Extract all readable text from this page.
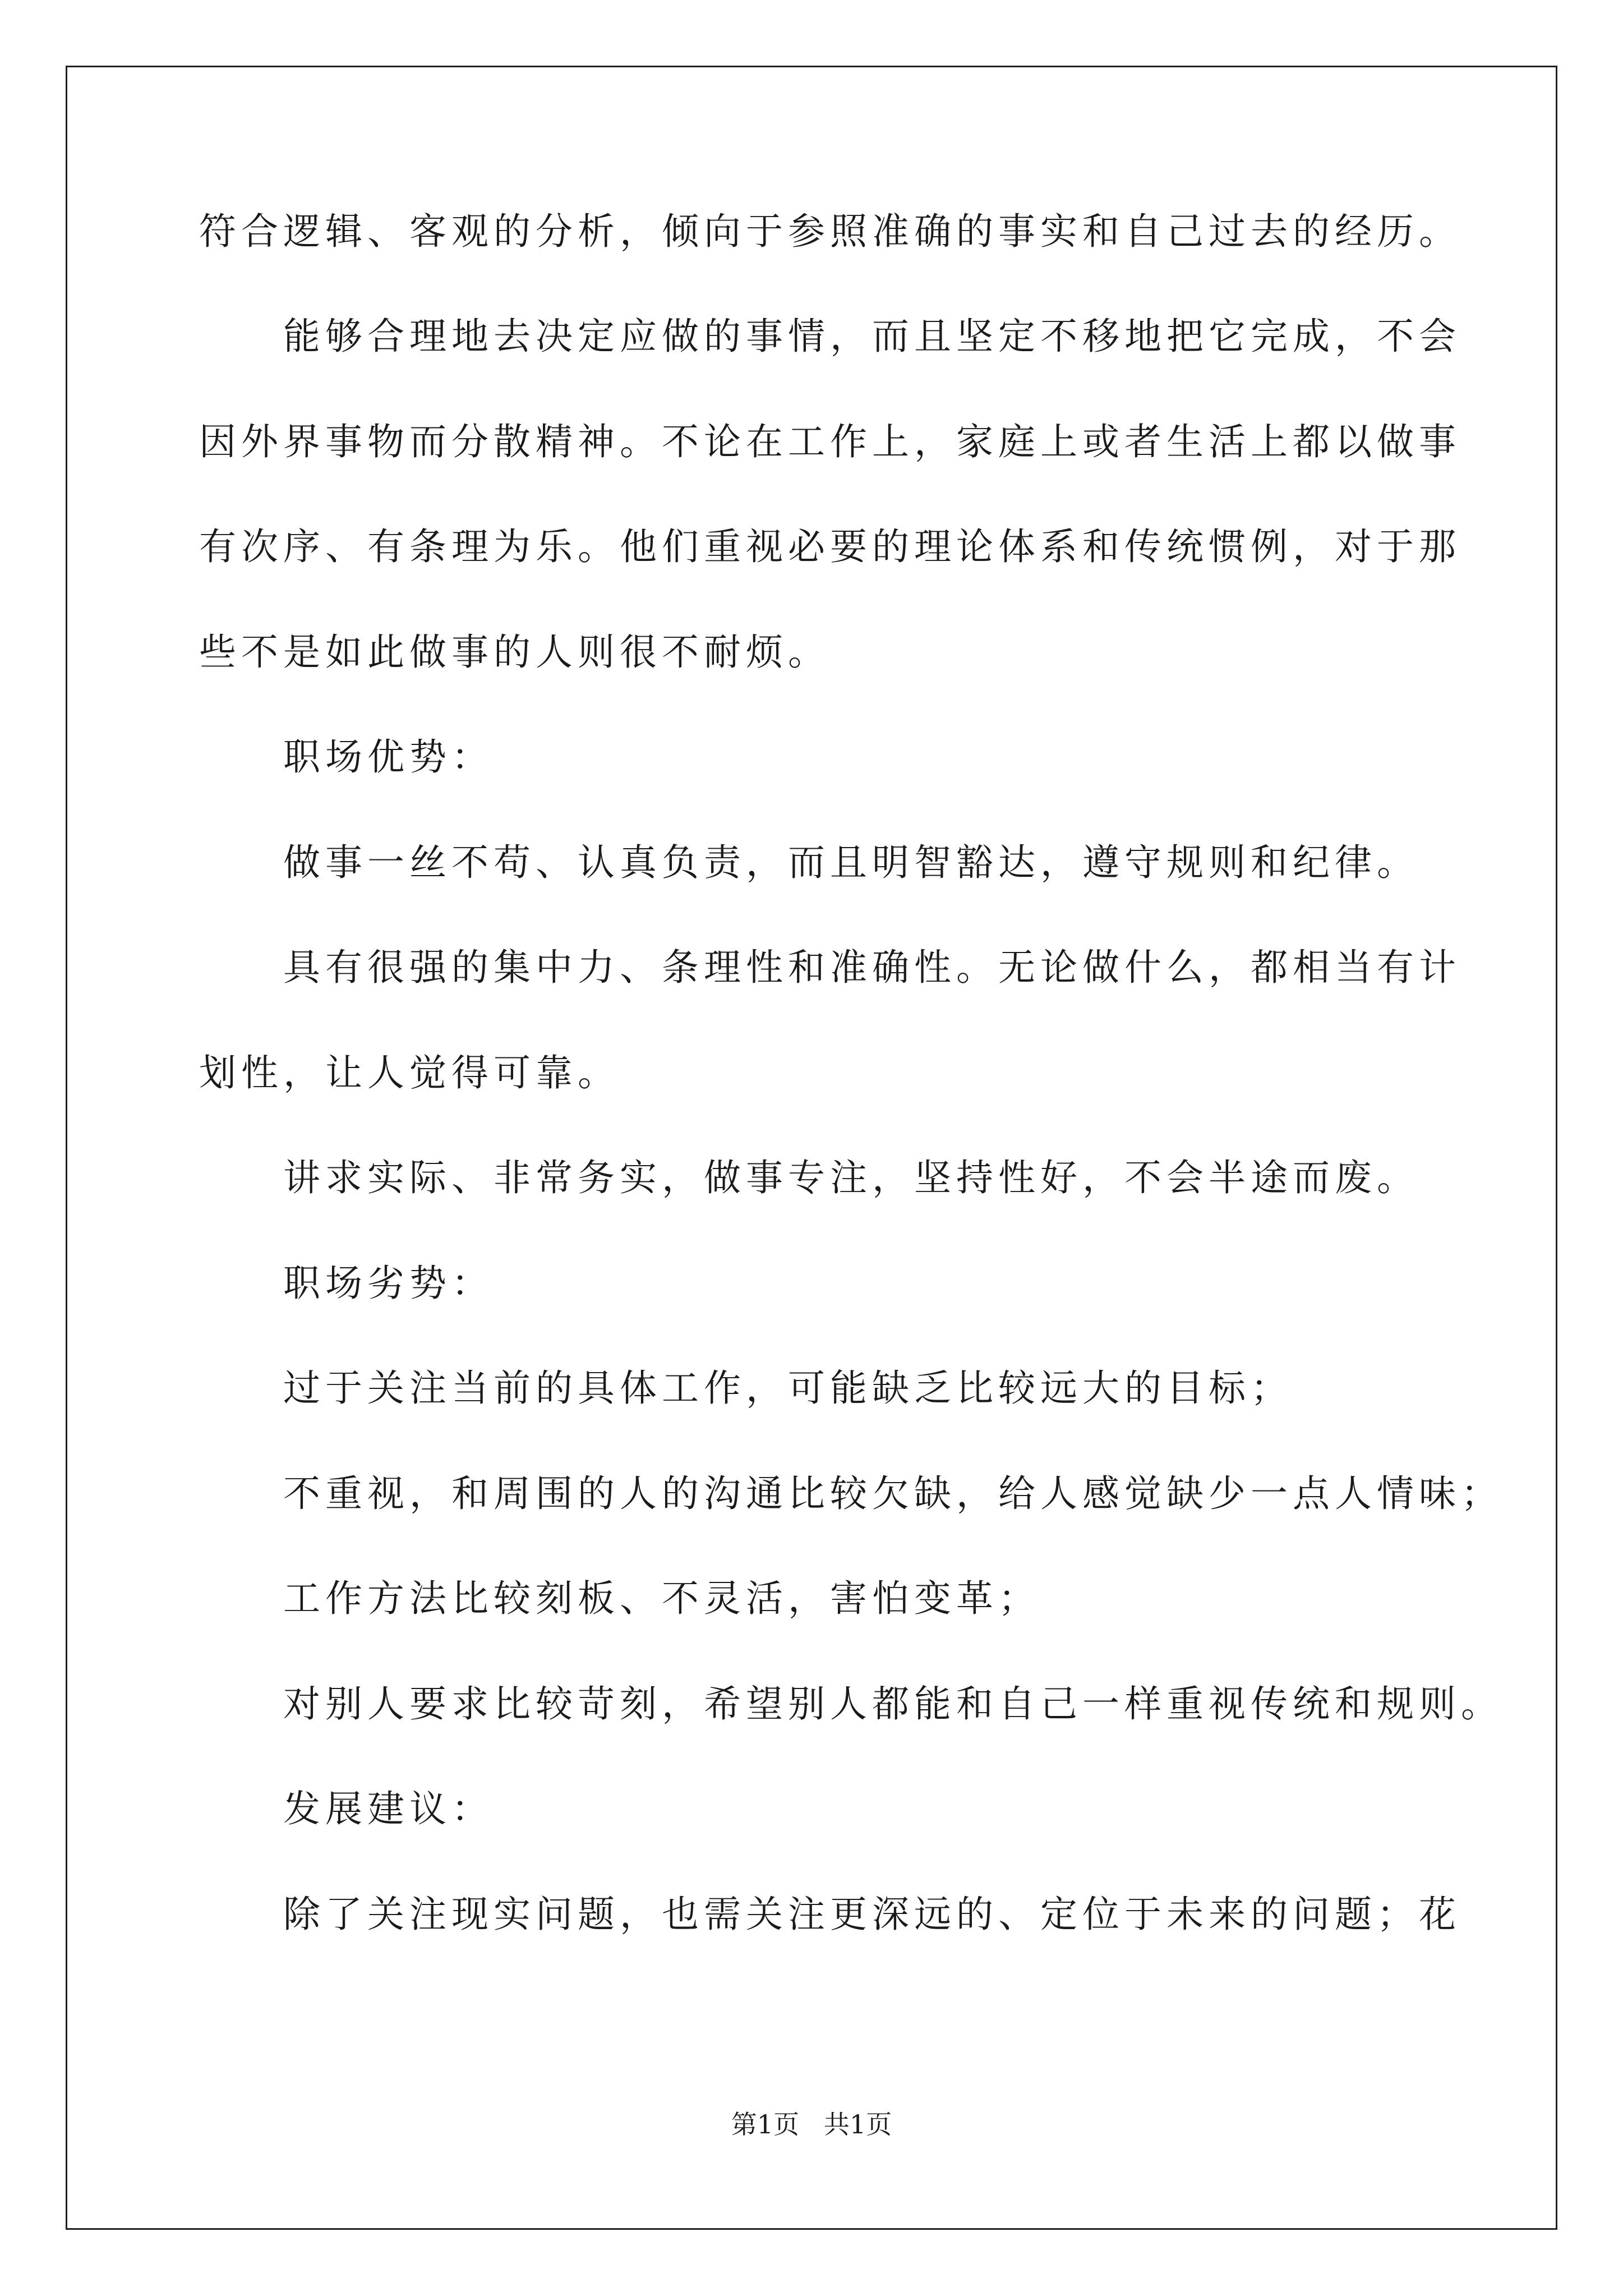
符合逻辑、客观的分析，倾向于参照准确的事实和自己过去的经历。
能够合理地去决定应做的事情，而且坚定不移地把它完成，不会
因外界事物而分散精神。不论在工作上，家庭上或者生活上都以做事
有次序、有条理为乐。他们重视必要的理论体系和传统惯例，对于那
些不是如此做事的人则很不耐烦。
职场优势：
做事一丝不苟、认真负责，而且明智豁达，遵守规则和纪律。
具有很强的集中力、条理性和准确性。无论做什么，都相当有计
划性，让人觉得可靠。
讲求实际、非常务实，做事专注，坚持性好，不会半途而废。
职场劣势：
过于关注当前的具体工作，可能缺乏比较远大的目标；
不重视，和周围的人的沟通比较欠缺，给人感觉缺少一点人情味；
工作方法比较刻板、不灵活，害怕变革；
对别人要求比较苛刻，希望别人都能和自己一样重视传统和规则。
发展建议：
除了关注现实问题，也需关注更深远的、定位于未来的问题；花
第1页   共1页
